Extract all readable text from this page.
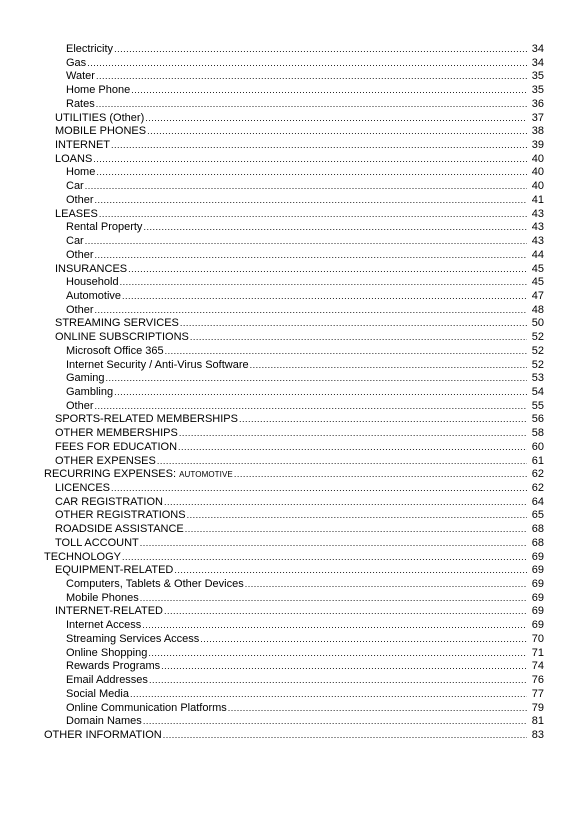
Electricity .....	34
Gas .....	34
Water .....	35
Home Phone .....	35
Rates .....	36
UTILITIES (Other) .....	37
MOBILE PHONES .....	38
INTERNET .....	39
LOANS .....	40
Home .....	40
Car .....	40
Other .....	41
LEASES .....	43
Rental Property .....	43
Car .....	43
Other .....	44
INSURANCES .....	45
Household .....	45
Automotive .....	47
Other .....	48
STREAMING SERVICES .....	50
ONLINE SUBSCRIPTIONS .....	52
Microsoft Office 365 .....	52
Internet Security / Anti-Virus Software .....	52
Gaming .....	53
Gambling .....	54
Other .....	55
SPORTS-RELATED MEMBERSHIPS .....	56
OTHER MEMBERSHIPS .....	58
FEES FOR EDUCATION .....	60
OTHER EXPENSES .....	61
RECURRING EXPENSES: AUTOMOTIVE .....	62
LICENCES .....	62
CAR REGISTRATION .....	64
OTHER REGISTRATIONS .....	65
ROADSIDE ASSISTANCE .....	68
TOLL ACCOUNT .....	68
TECHNOLOGY .....	69
EQUIPMENT-RELATED .....	69
Computers, Tablets & Other Devices .....	69
Mobile Phones .....	69
INTERNET-RELATED .....	69
Internet Access .....	69
Streaming Services Access .....	70
Online Shopping .....	71
Rewards Programs .....	74
Email Addresses .....	76
Social Media .....	77
Online Communication Platforms .....	79
Domain Names .....	81
OTHER INFORMATION .....	83
